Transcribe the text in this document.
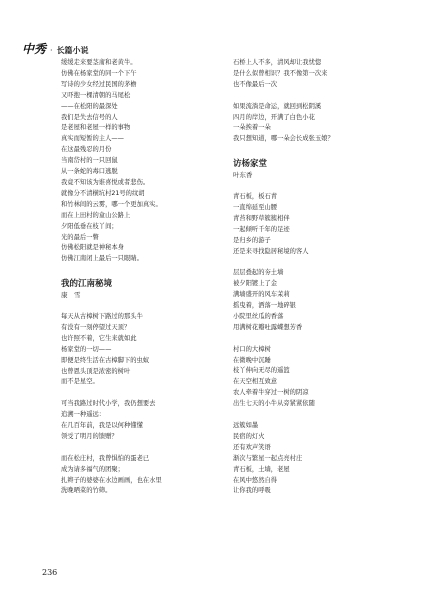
中秀 · 长篇小说
缓缓走来要茎齑和老黄牛。
仿佛在杨家堂的同一个下午
写诗的少女经过民国的茅檐
又吓抱一棵清朝的马尾松
——在松阳的最深处
我们是失去信号的人
是老屋和老屋一样的事物
真实而短暂的主人——
在这最残忍的月份
当南岱村的一只回鼠
从一条蛇的毒口逃脱
我竟不知该为谁喜悦或者悲伤。
就像分不清横坑村21号的纹胡
和竹林间的云雾，哪一个更加真实。
而在上田村的盒山公路上
夕阳低垂在枝丫间；
光的最后一瞥
仿佛松阳就是神秘本身
仿佛江南闭上最后一只眼睛。
我的江南秘境
康　雪
每天从古樟树下路过的那头牛
有没有一刻停望过天顶？
也许照不着，它生来就如此
杨家堂的一切——
即便是终生活在古樟脚下的虫蚁
也曾恩头顶是浓密的树叶
而不是星空。
可当我路过时代小学，我仍想要去
追溯一种遥远：
在几百年前，我是以何种懂懂
领受了明月的馈赠？
而在松庄村，我曾惧怕的蛋老已
成为请多福气的团聚；
扎辫子的婆婆在水边画画，也在水里
洗晚晒菜的竹筛。
石桥上人不多，清风却让我忧惚
是什么似曾相识？我不像第一次来
也不像最后一次
如果流淌是命运，就回到松阴溪
四月的岸边，开满了白色小花
一朵挨着一朵
我只想知道，哪一朵会长成张玉娘？
访杨家堂
叶东香
青石板，板石青
一直绵延至山腰
青苔和野草簇簇相伴
一起倾听千年的足迹
是归乡的游子
还是来寻找隐居秘境的客人
层层叠起的夯土墙
被夕阳镀上了金
满墙盛开的风车茉莉
摇曳着，洒落一地碎银
小院里丝瓜的香落
用满树花瓣吐露蝶想芳香
村口的大樟树
在微晚中沉睡
枝丫伸向无尽的遥篮
在天空相互致意
农人牵着牛穿过一树的阴凉
出生七天的小牛从旁紧紧依随
远簇如墨
民宿的灯火
还有欢声笑语
渐次与繁星一起点亮村庄
青石板，土墙，老屋
在风中悠然自得
让你我的呼吸
236
